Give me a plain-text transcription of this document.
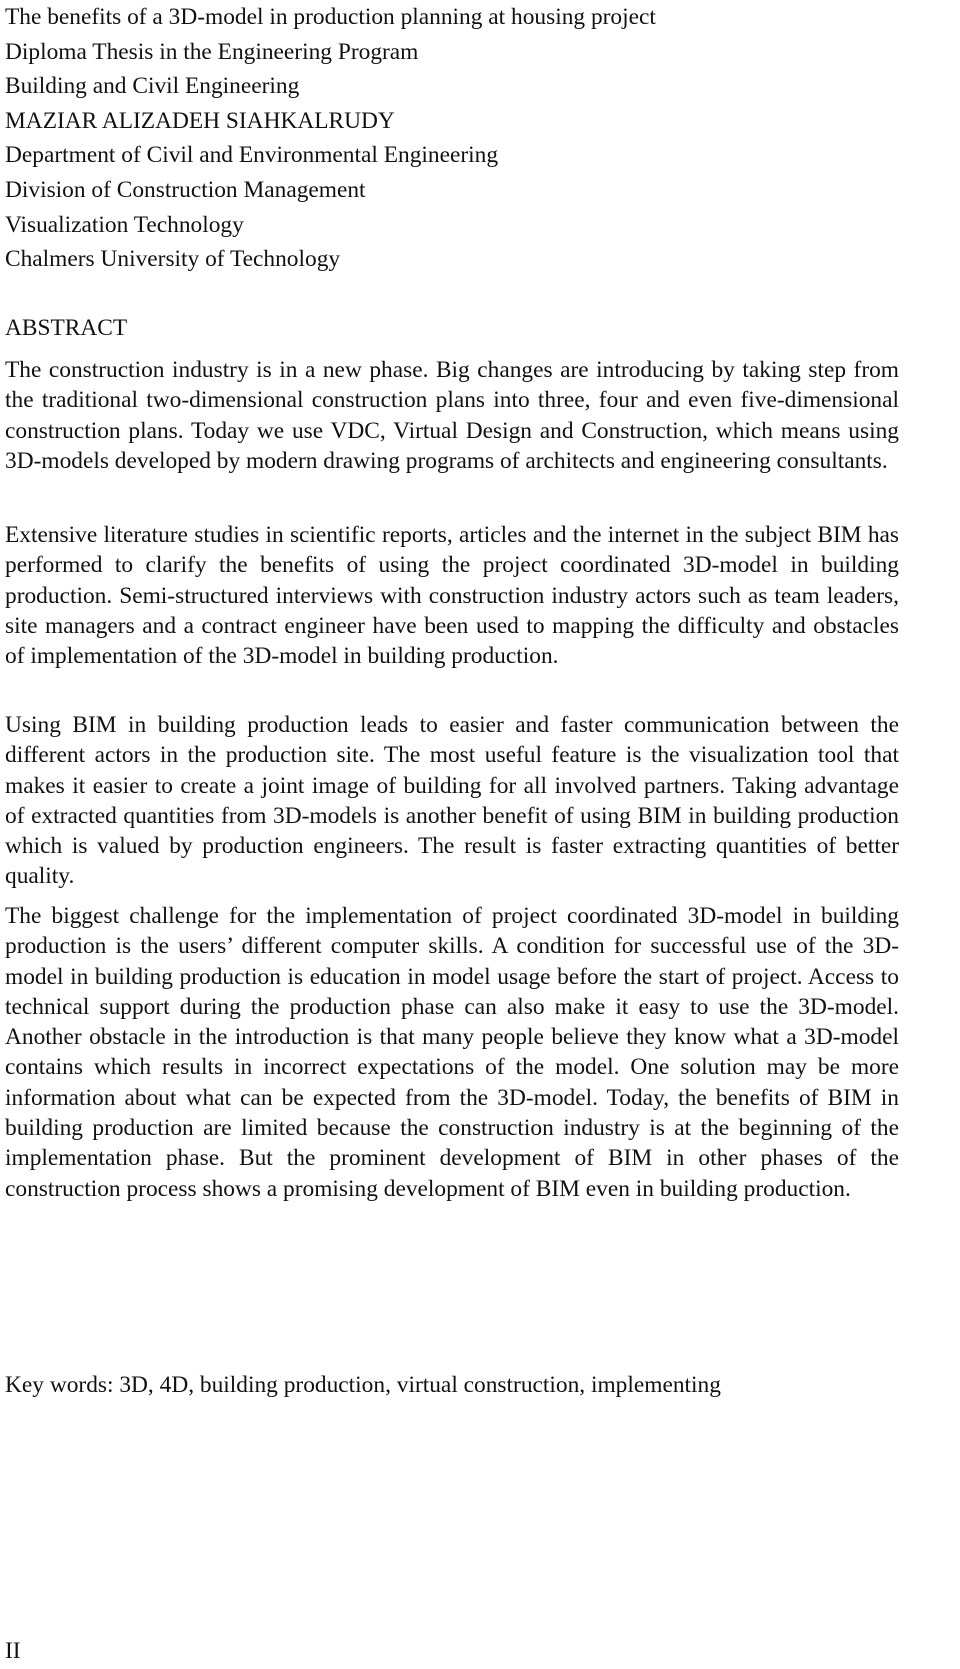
The benefits of a 3D-model in production planning at housing project
Diploma Thesis in the Engineering Program
Building and Civil Engineering
MAZIAR ALIZADEH SIAHKALRUDY
Department of Civil and Environmental Engineering
Division of Construction Management
Visualization Technology
Chalmers University of Technology
ABSTRACT

The construction industry is in a new phase. Big changes are introducing by taking step from the traditional two-dimensional construction plans into three, four and even five-dimensional construction plans. Today we use VDC, Virtual Design and Construction, which means using 3D-models developed by modern drawing programs of architects and engineering consultants.

Extensive literature studies in scientific reports, articles and the internet in the subject BIM has performed to clarify the benefits of using the project coordinated 3D-model in building production. Semi-structured interviews with construction industry actors such as team leaders, site managers and a contract engineer have been used to mapping the difficulty and obstacles of implementation of the 3D-model in building production.

Using BIM in building production leads to easier and faster communication between the different actors in the production site. The most useful feature is the visualization tool that makes it easier to create a joint image of building for all involved partners. Taking advantage of extracted quantities from 3D-models is another benefit of using BIM in building production which is valued by production engineers. The result is faster extracting quantities of better quality.

The biggest challenge for the implementation of project coordinated 3D-model in building production is the users’ different computer skills. A condition for successful use of the 3D-model in building production is education in model usage before the start of project. Access to technical support during the production phase can also make it easy to use the 3D-model. Another obstacle in the introduction is that many people believe they know what a 3D-model contains which results in incorrect expectations of the model. One solution may be more information about what can be expected from the 3D-model. Today, the benefits of BIM in building production are limited because the construction industry is at the beginning of the implementation phase. But the prominent development of BIM in other phases of the construction process shows a promising development of BIM even in building production.

Key words: 3D, 4D, building production, virtual construction, implementing
II
